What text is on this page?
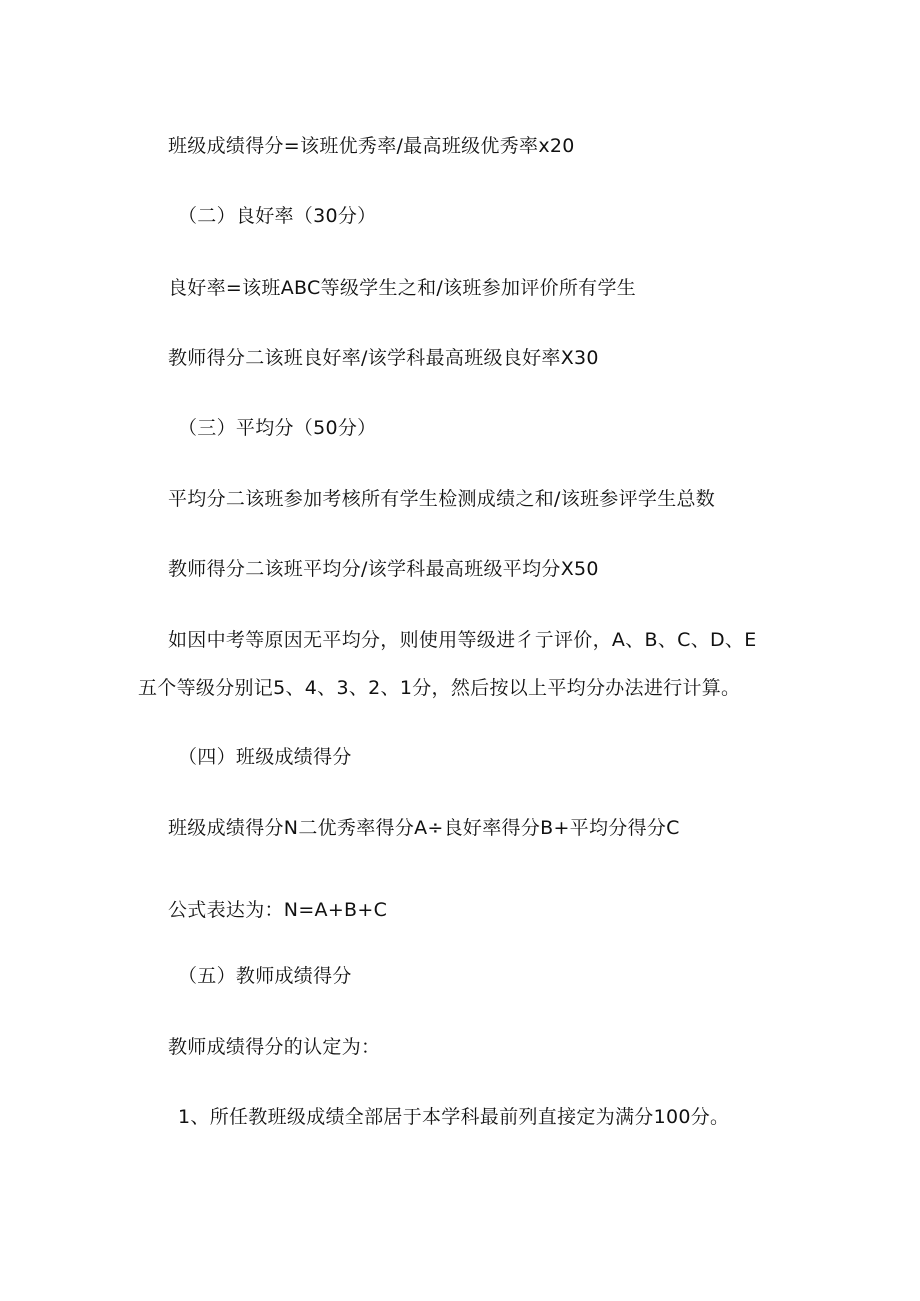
班级成绩得分=该班优秀率/最高班级优秀率x20
（二）良好率（30分）
良好率=该班ABC等级学生之和/该班参加评价所有学生
教师得分二该班良好率/该学科最高班级良好率X30
（三）平均分（50分）
平均分二该班参加考核所有学生检测成绩之和/该班参评学生总数
教师得分二该班平均分/该学科最高班级平均分X50
如因中考等原因无平均分，则使用等级进彳亍评价，A、B、C、D、E
五个等级分别记5、4、3、2、1分，然后按以上平均分办法进行计算。
（四）班级成绩得分
班级成绩得分N二优秀率得分A÷良好率得分B+平均分得分C
公式表达为：N=A+B+C
（五）教师成绩得分
教师成绩得分的认定为：
1、所任教班级成绩全部居于本学科最前列直接定为满分100分。
